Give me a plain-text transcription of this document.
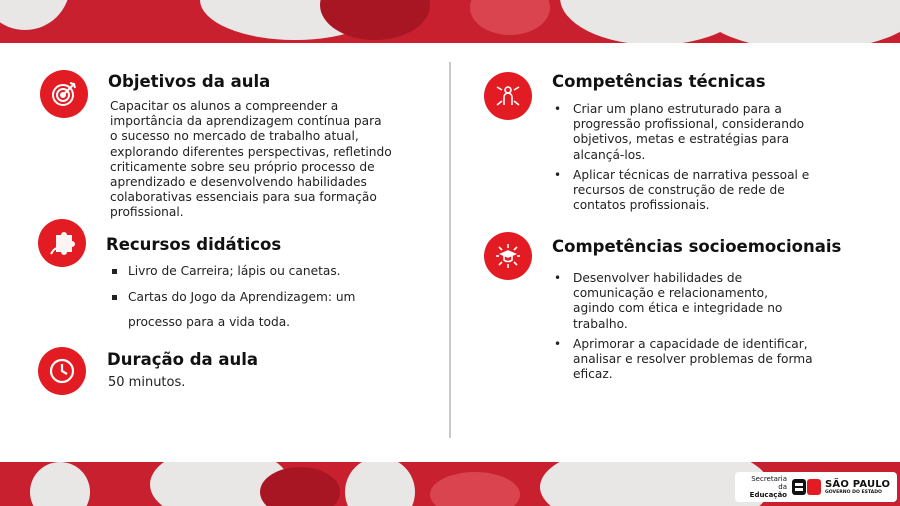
Objetivos da aula
Capacitar os alunos a compreender a
importância da aprendizagem contínua para
o sucesso no mercado de trabalho atual,
explorando diferentes perspectivas, refletindo
criticamente sobre seu próprio processo de
aprendizado e desenvolvendo habilidades
colaborativas essenciais para sua formação
profissional.
Recursos didáticos
Livro de Carreira; lápis ou canetas.
Cartas do Jogo da Aprendizagem: um
processo para a vida toda.
Duração da aula
50 minutos.
Competências técnicas
• Criar um plano estruturado para a
progressão profissional, considerando
objetivos, metas e estratégias para
alcançá-los.
• Aplicar técnicas de narrativa pessoal e
recursos de construção de rede de
contatos profissionais.
Competências socioemocionais
• Desenvolver habilidades de
comunicação e relacionamento,
agindo com ética e integridade no
trabalho.
• Aprimorar a capacidade de identificar,
analisar e resolver problemas de forma
eficaz.
Secretaria da
Educação
SÃO PAULO
GOVERNO DO ESTADO
